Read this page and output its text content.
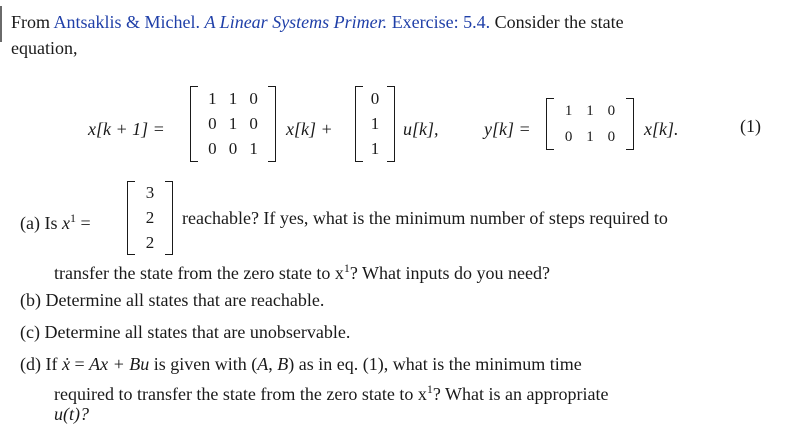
From Antsaklis & Michel. A Linear Systems Primer. Exercise: 5.4. Consider the state
equation,
x[k + 1] =
1 1 0
0 1 0
0 0 1
x[k] +
0
1
1
u[k],	y[k] =
1 1 0
0 1 0	x[k].	(1)
(a) Is $x^1$ =
3
2
2
reachable? If yes, what is the minimum number of steps required to
transfer the state from the zero state to $x^1$? What inputs do you need?
(b) Determine all states that are reachable.
(c) Determine all states that are unobservable.
(d) If ẋ = Ax + Bu is given with (A, B) as in eq. (1), what is the minimum time
required to transfer the state from the zero state to $x^1$? What is an appropriate
u(t)?
